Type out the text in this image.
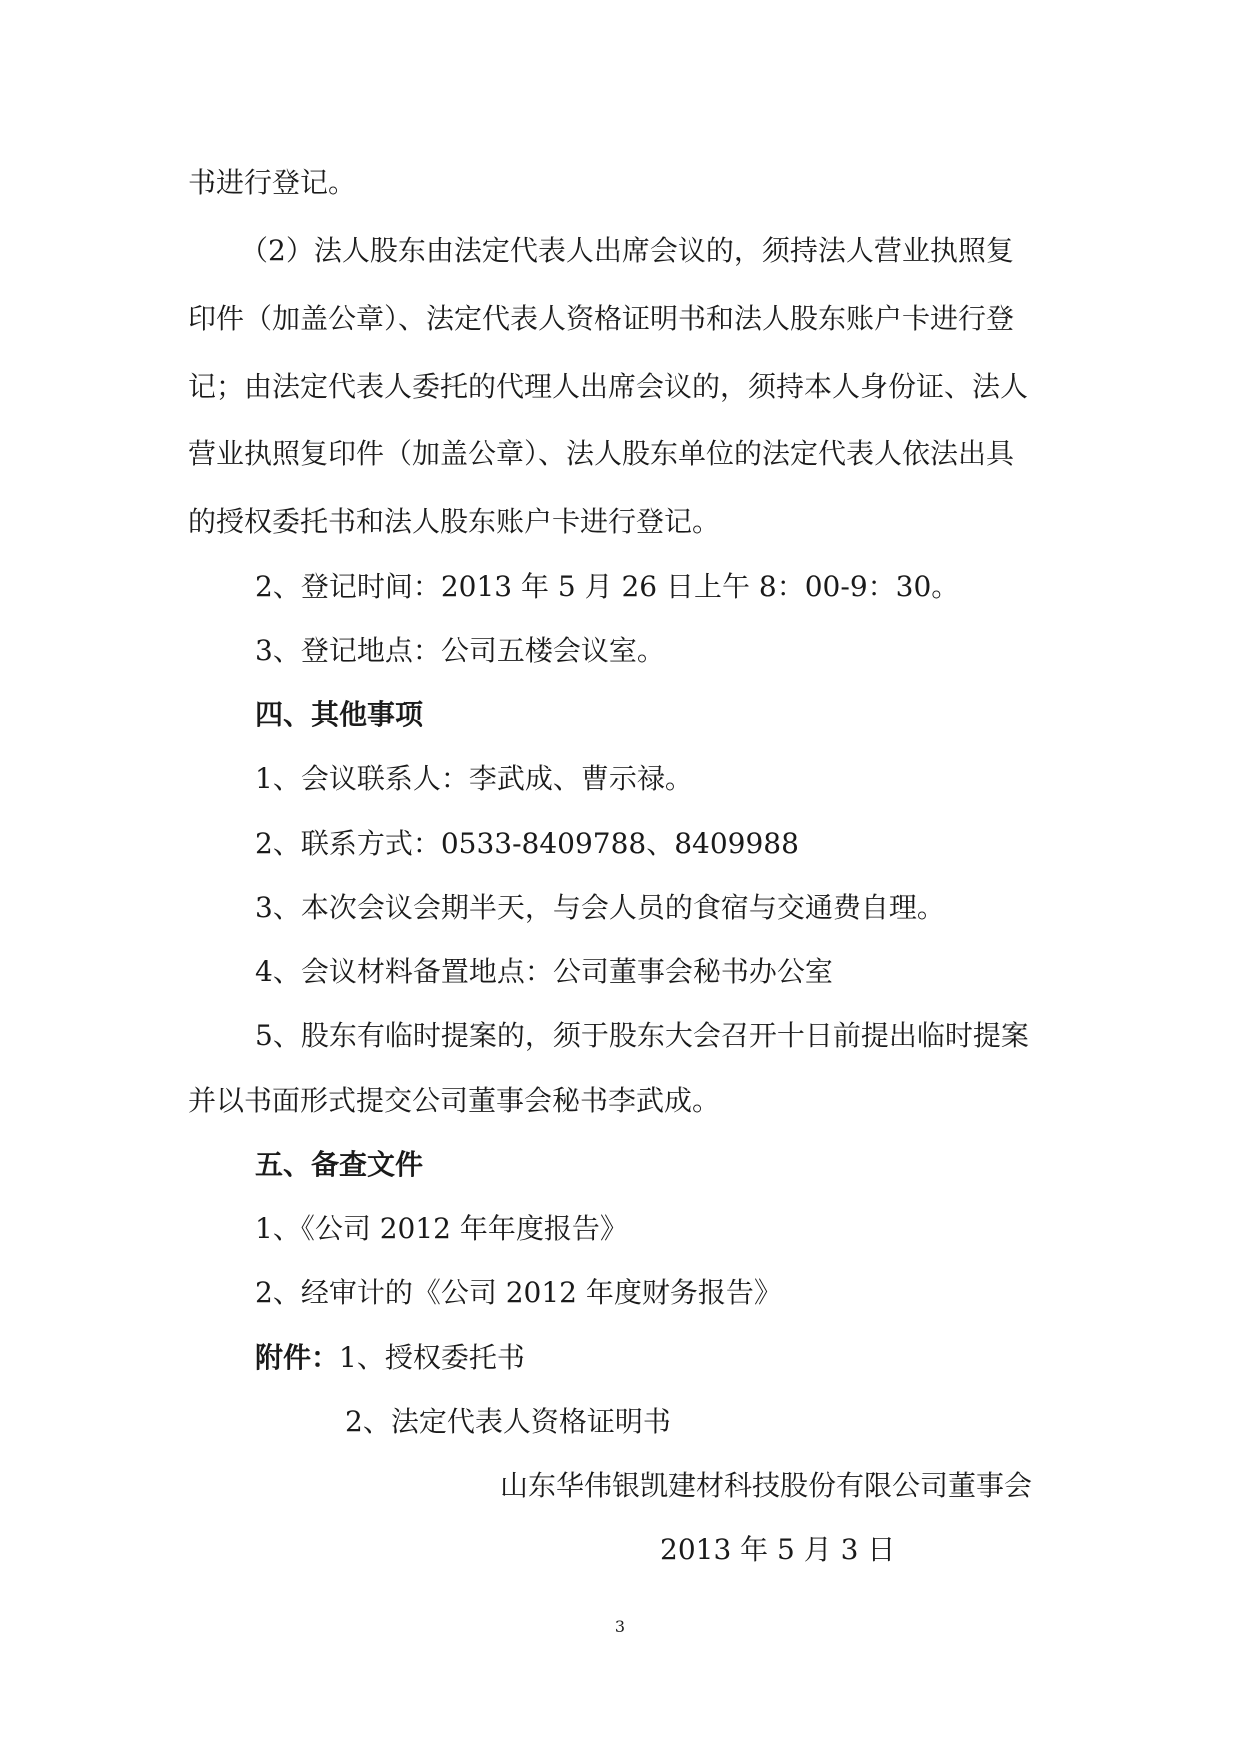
书进行登记。
（2）法人股东由法定代表人出席会议的，须持法人营业执照复
印件（加盖公章）、法定代表人资格证明书和法人股东账户卡进行登
记；由法定代表人委托的代理人出席会议的，须持本人身份证、法人
营业执照复印件（加盖公章）、法人股东单位的法定代表人依法出具
的授权委托书和法人股东账户卡进行登记。
2、登记时间：2013 年 5 月 26 日上午 8：00-9：30。
3、登记地点：公司五楼会议室。
四、其他事项
1、会议联系人：李武成、曹示禄。
2、联系方式：0533-8409788、8409988
3、本次会议会期半天，与会人员的食宿与交通费自理。
4、会议材料备置地点：公司董事会秘书办公室
5、股东有临时提案的，须于股东大会召开十日前提出临时提案
并以书面形式提交公司董事会秘书李武成。
五、备查文件
1、《公司 2012 年年度报告》
2、经审计的《公司 2012 年度财务报告》
附件：1、授权委托书
2、法定代表人资格证明书
山东华伟银凯建材科技股份有限公司董事会
2013 年 5 月 3 日
3
